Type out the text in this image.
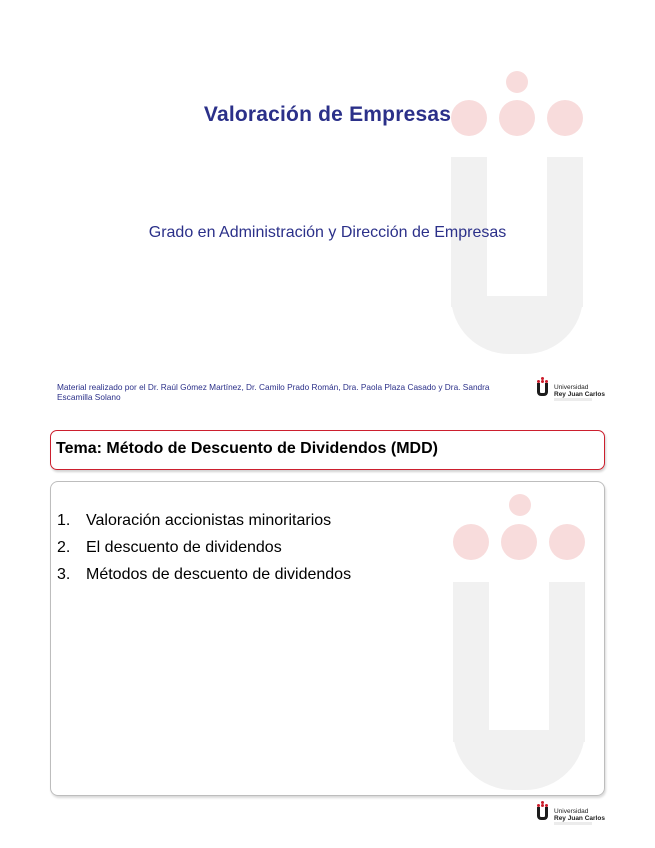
Valoración de Empresas
Grado en Administración y Dirección de Empresas
Material realizado por el Dr. Raúl Gómez Martínez, Dr. Camilo Prado Román, Dra. Paola Plaza Casado y Dra. Sandra Escamilla Solano
Universidad
Rey Juan Carlos
Tema: Método de Descuento de Dividendos (MDD)
1. Valoración accionistas minoritarios
2. El descuento de dividendos
3. Métodos de descuento de dividendos
Universidad
Rey Juan Carlos
